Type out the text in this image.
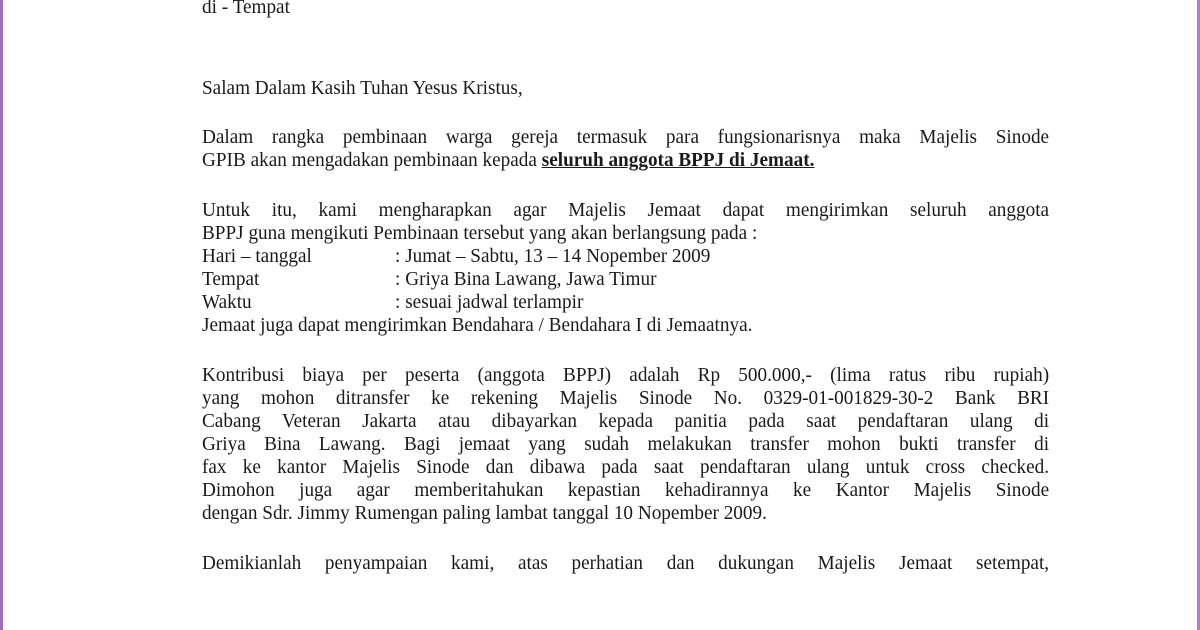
di - Tempat
Salam Dalam Kasih Tuhan Yesus Kristus,
Dalam rangka pembinaan warga gereja termasuk para fungsionarisnya maka Majelis Sinode
GPIB akan mengadakan pembinaan kepada seluruh anggota BPPJ di Jemaat.
Untuk itu, kami mengharapkan agar Majelis Jemaat dapat mengirimkan seluruh anggota
BPPJ guna mengikuti Pembinaan tersebut yang akan berlangsung pada :
Hari – tanggal	: Jumat – Sabtu, 13 – 14 Nopember 2009
Tempat	: Griya Bina Lawang, Jawa Timur
Waktu	: sesuai jadwal terlampir
Jemaat juga dapat mengirimkan Bendahara / Bendahara I di Jemaatnya.
Kontribusi biaya per peserta (anggota BPPJ) adalah Rp 500.000,- (lima ratus ribu rupiah)
yang mohon ditransfer ke rekening Majelis Sinode No. 0329-01-001829-30-2 Bank BRI
Cabang Veteran Jakarta atau dibayarkan kepada panitia pada saat pendaftaran ulang di
Griya Bina Lawang. Bagi jemaat yang sudah melakukan transfer mohon bukti transfer di
fax ke kantor Majelis Sinode dan dibawa pada saat pendaftaran ulang untuk cross checked.
Dimohon juga agar memberitahukan kepastian kehadirannya ke Kantor Majelis Sinode
dengan Sdr. Jimmy Rumengan paling lambat tanggal 10 Nopember 2009.
Demikianlah penyampaian kami, atas perhatian dan dukungan Majelis Jemaat setempat,
